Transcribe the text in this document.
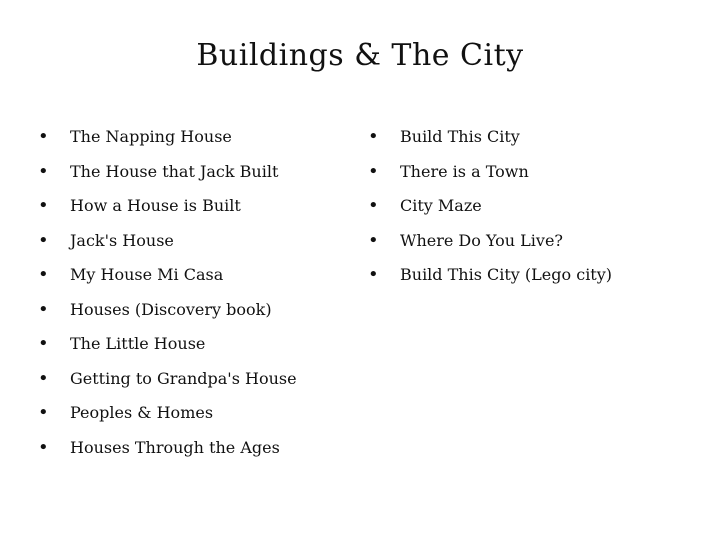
Buildings & The City
• The Napping House
• The House that Jack Built
• How a House is Built
• Jack's House
• My House Mi Casa
• Houses (Discovery book)
• The Little House
• Getting to Grandpa's House
• Peoples & Homes
• Houses Through the Ages
• Build This City
• There is a Town
• City Maze
• Where Do You Live?
• Build This City (Lego city)
